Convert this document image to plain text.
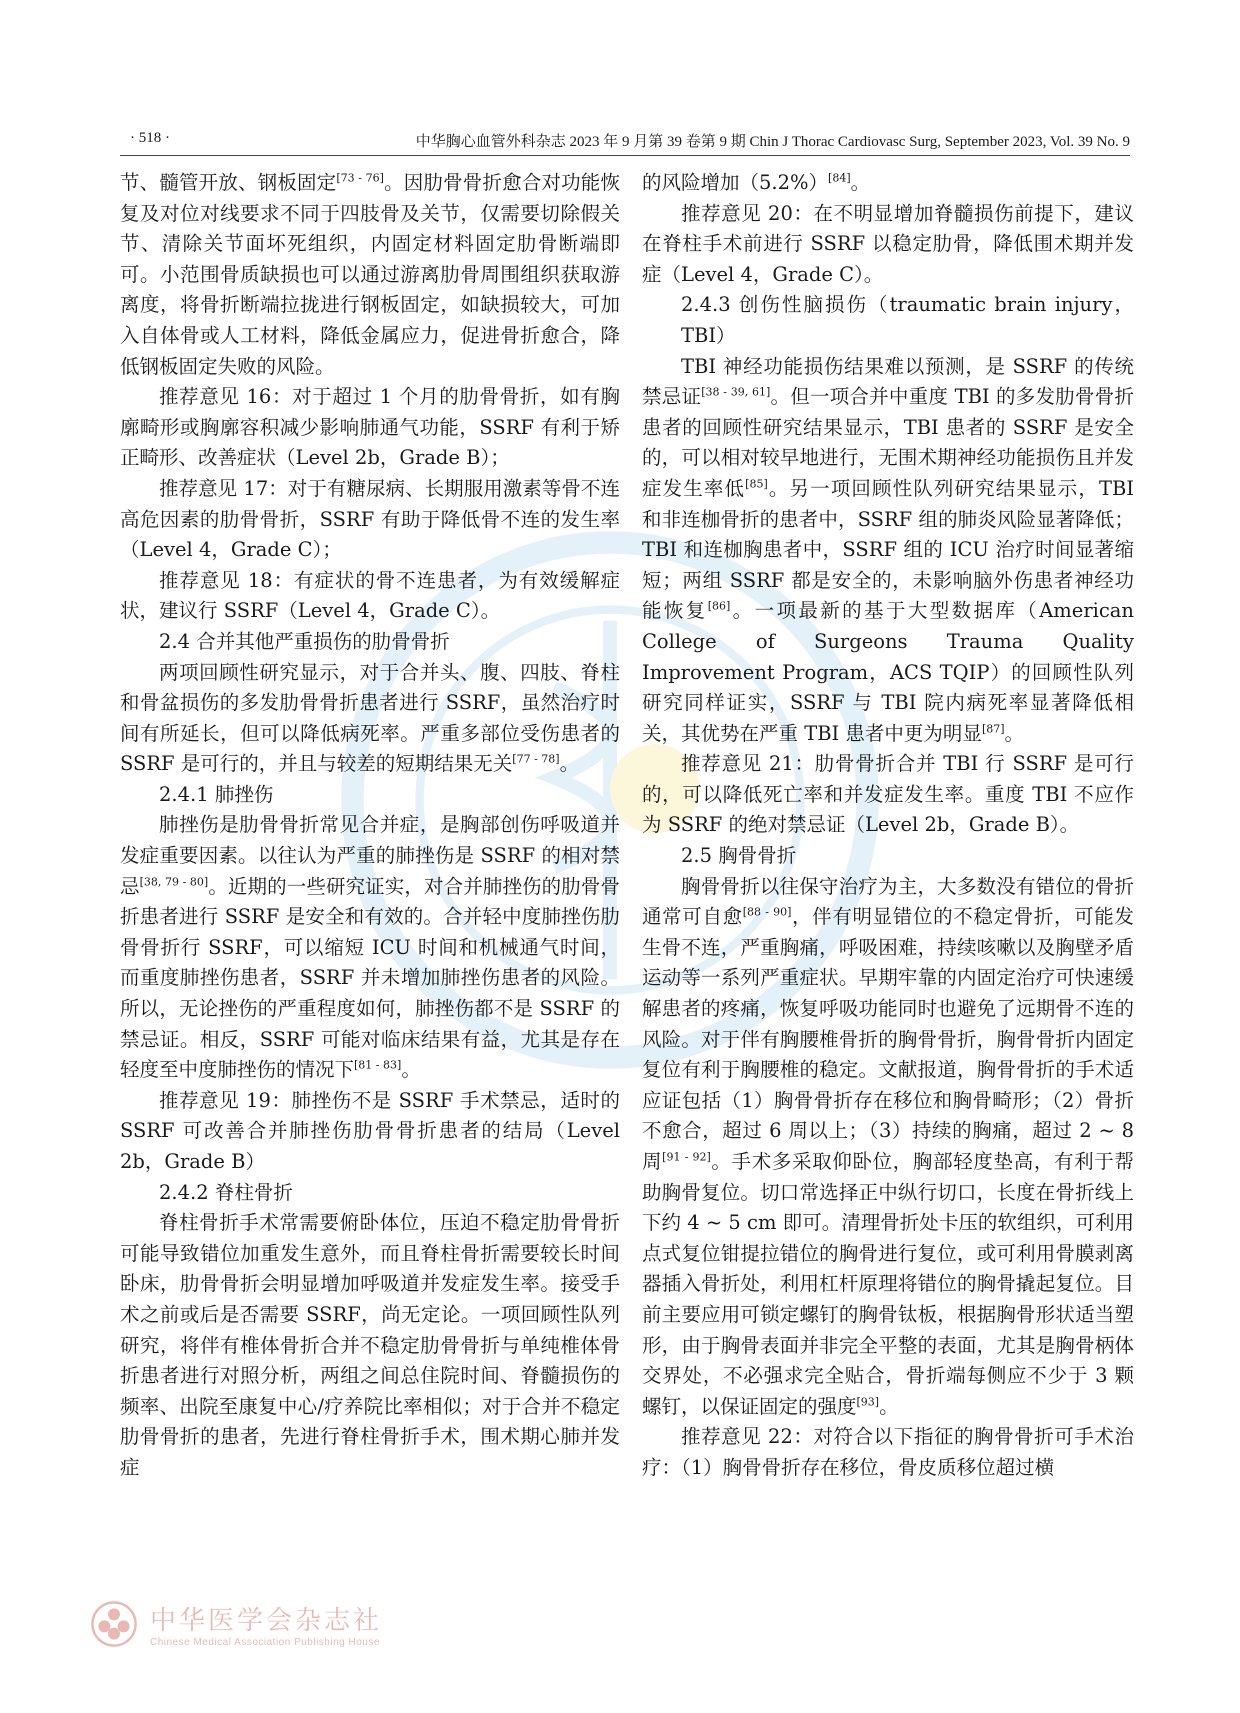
· 518 ·	中华胸心血管外科杂志 2023 年 9 月第 39 卷第 9 期 Chin J Thorac Cardiovasc Surg, September 2023, Vol. 39 No. 9

节、髓管开放、钢板固定[73 - 76]。因肋骨骨折愈合对功能恢复及对位对线要求不同于四肢骨及关节，仅需要切除假关节、清除关节面坏死组织，内固定材料固定肋骨断端即可。小范围骨质缺损也可以通过游离肋骨周围组织获取游离度，将骨折断端拉拢进行钢板固定，如缺损较大，可加入自体骨或人工材料，降低金属应力，促进骨折愈合，降低钢板固定失败的风险。

推荐意见 16：对于超过 1 个月的肋骨骨折，如有胸廓畸形或胸廓容积减少影响肺通气功能，SSRF 有利于矫正畸形、改善症状（Level 2b，Grade B）；

推荐意见 17：对于有糖尿病、长期服用激素等骨不连高危因素的肋骨骨折，SSRF 有助于降低骨不连的发生率（Level 4，Grade C）；

推荐意见 18：有症状的骨不连患者，为有效缓解症状，建议行 SSRF（Level 4，Grade C）。

2.4 合并其他严重损伤的肋骨骨折

两项回顾性研究显示，对于合并头、腹、四肢、脊柱和骨盆损伤的多发肋骨骨折患者进行 SSRF，虽然治疗时间有所延长，但可以降低病死率。严重多部位受伤患者的 SSRF 是可行的，并且与较差的短期结果无关[77 - 78]。

2.4.1 肺挫伤

肺挫伤是肋骨骨折常见合并症，是胸部创伤呼吸道并发症重要因素。以往认为严重的肺挫伤是 SSRF 的相对禁忌[38, 79 - 80]。近期的一些研究证实，对合并肺挫伤的肋骨骨折患者进行 SSRF 是安全和有效的。合并轻中度肺挫伤肋骨骨折行 SSRF，可以缩短 ICU 时间和机械通气时间，而重度肺挫伤患者，SSRF 并未增加肺挫伤患者的风险。所以，无论挫伤的严重程度如何，肺挫伤都不是 SSRF 的禁忌证。相反，SSRF 可能对临床结果有益，尤其是存在轻度至中度肺挫伤的情况下[81 - 83]。

推荐意见 19：肺挫伤不是 SSRF 手术禁忌，适时的 SSRF 可改善合并肺挫伤肋骨骨折患者的结局（Level 2b，Grade B）

2.4.2 脊柱骨折

脊柱骨折手术常需要俯卧体位，压迫不稳定肋骨骨折可能导致错位加重发生意外，而且脊柱骨折需要较长时间卧床，肋骨骨折会明显增加呼吸道并发症发生率。接受手术之前或后是否需要 SSRF，尚无定论。一项回顾性队列研究，将伴有椎体骨折合并不稳定肋骨骨折与单纯椎体骨折患者进行对照分析，两组之间总住院时间、脊髓损伤的频率、出院至康复中心/疗养院比率相似；对于合并不稳定肋骨骨折的患者，先进行脊柱骨折手术，围术期心肺并发症

的风险增加（5.2%）[84]。

推荐意见 20：在不明显增加脊髓损伤前提下，建议在脊柱手术前进行 SSRF 以稳定肋骨，降低围术期并发症（Level 4，Grade C）。

2.4.3 创伤性脑损伤（traumatic brain injury，TBI）

TBI 神经功能损伤结果难以预测，是 SSRF 的传统禁忌证[38 - 39, 61]。但一项合并中重度 TBI 的多发肋骨骨折患者的回顾性研究结果显示，TBI 患者的 SSRF 是安全的，可以相对较早地进行，无围术期神经功能损伤且并发症发生率低[85]。另一项回顾性队列研究结果显示，TBI 和非连枷骨折的患者中，SSRF 组的肺炎风险显著降低；TBI 和连枷胸患者中，SSRF 组的 ICU 治疗时间显著缩短；两组 SSRF 都是安全的，未影响脑外伤患者神经功能恢复[86]。一项最新的基于大型数据库（American College of Surgeons Trauma Quality Improvement Program，ACS TQIP）的回顾性队列研究同样证实，SSRF 与 TBI 院内病死率显著降低相关，其优势在严重 TBI 患者中更为明显[87]。

推荐意见 21：肋骨骨折合并 TBI 行 SSRF 是可行的，可以降低死亡率和并发症发生率。重度 TBI 不应作为 SSRF 的绝对禁忌证（Level 2b，Grade B）。

2.5 胸骨骨折

胸骨骨折以往保守治疗为主，大多数没有错位的骨折通常可自愈[88 - 90]，伴有明显错位的不稳定骨折，可能发生骨不连，严重胸痛，呼吸困难，持续咳嗽以及胸壁矛盾运动等一系列严重症状。早期牢靠的内固定治疗可快速缓解患者的疼痛，恢复呼吸功能同时也避免了远期骨不连的风险。对于伴有胸腰椎骨折的胸骨骨折，胸骨骨折内固定复位有利于胸腰椎的稳定。文献报道，胸骨骨折的手术适应证包括（1）胸骨骨折存在移位和胸骨畸形；（2）骨折不愈合，超过 6 周以上；（3）持续的胸痛，超过 2 ~ 8 周[91 - 92]。手术多采取仰卧位，胸部轻度垫高，有利于帮助胸骨复位。切口常选择正中纵行切口，长度在骨折线上下约 4 ~ 5 cm 即可。清理骨折处卡压的软组织，可利用点式复位钳提拉错位的胸骨进行复位，或可利用骨膜剥离器插入骨折处，利用杠杆原理将错位的胸骨撬起复位。目前主要应用可锁定螺钉的胸骨钛板，根据胸骨形状适当塑形，由于胸骨表面并非完全平整的表面，尤其是胸骨柄体交界处，不必强求完全贴合，骨折端每侧应不少于 3 颗螺钉，以保证固定的强度[93]。

推荐意见 22：对符合以下指征的胸骨骨折可手术治疗：（1）胸骨骨折存在移位，骨皮质移位超过横

中华医学会杂志社
Chinese Medical Association Publishing House
